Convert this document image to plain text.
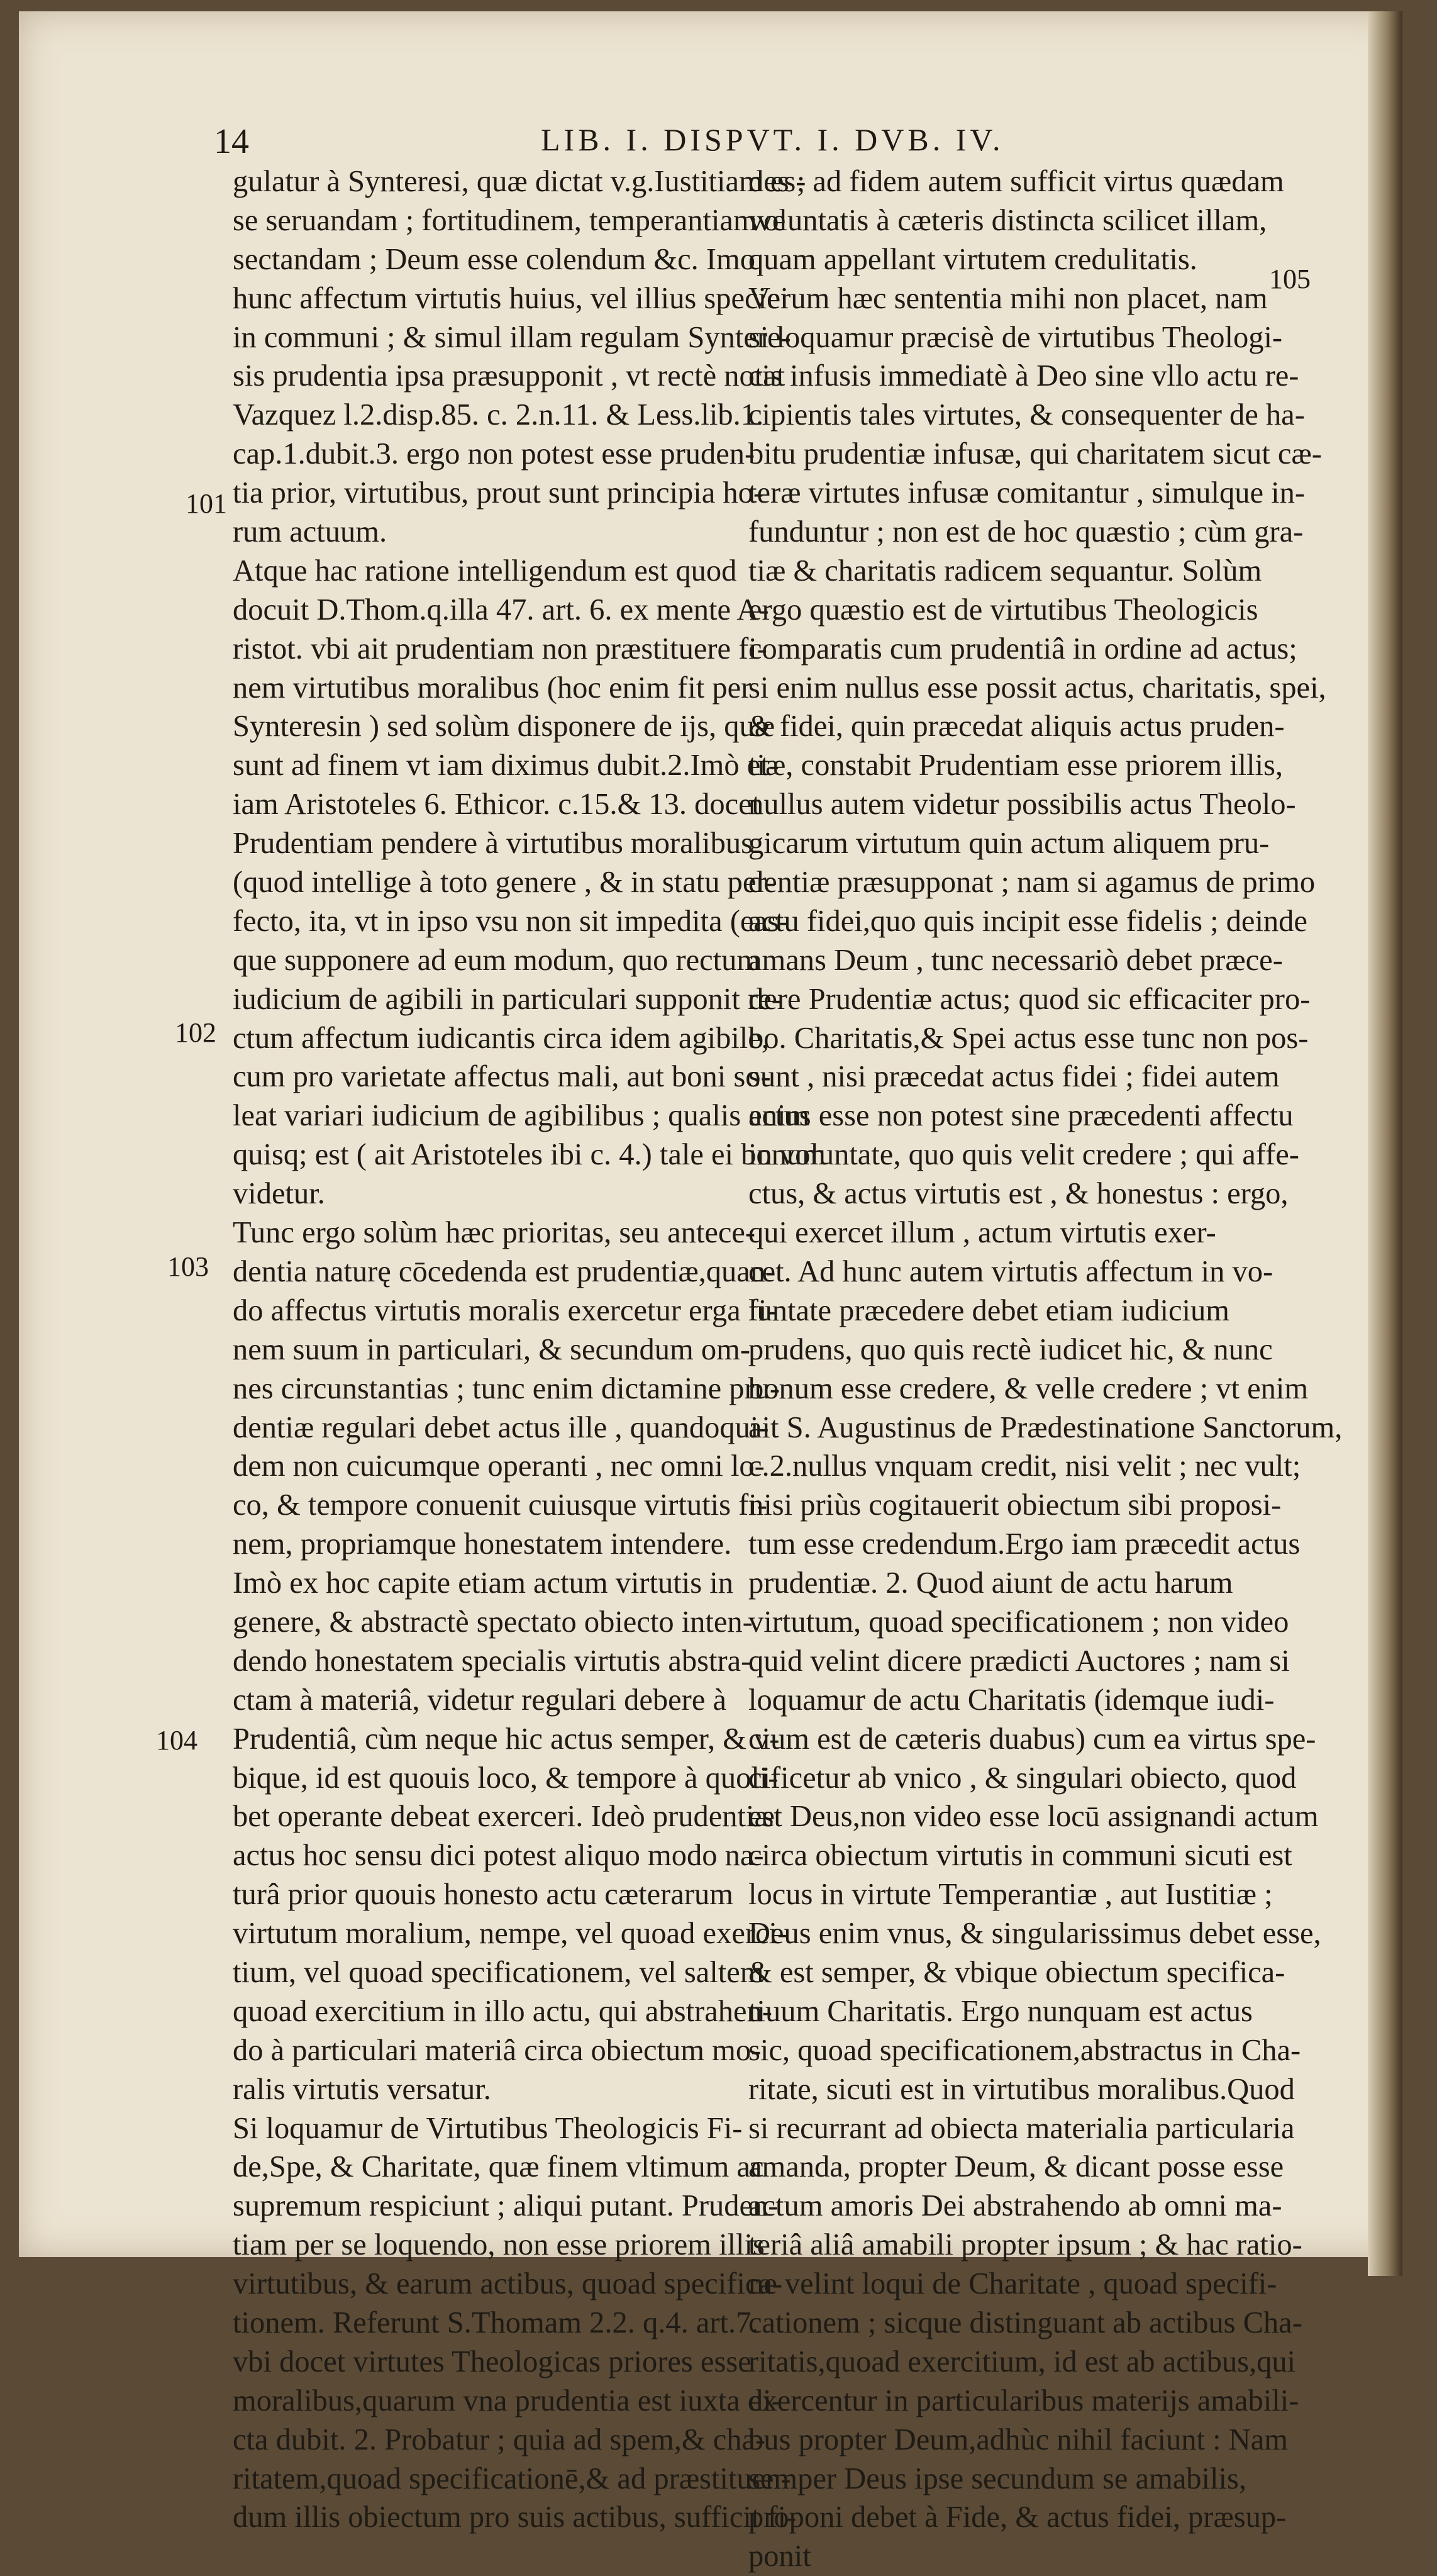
14	LIB. I. DISPVT. I. DVB. IV.
101
102
103
104
105
gulatur à Synteresi, quæ dictat v.g.Iustitiam es-
se seruandam ; fortitudinem, temperantiamve
sectandam ; Deum esse colendum &c. Imo
hunc affectum virtutis huius, vel illius speciei
in communi ; & simul illam regulam Syntere-
sis prudentia ipsa præsupponit , vt rectè notat
Vazquez l.2.disp.85. c. 2.n.11. & Less.lib.1.
cap.1.dubit.3. ergo non potest esse pruden-
tia prior, virtutibus, prout sunt principia ho-
rum actuum.
Atque hac ratione intelligendum est quod
docuit D.Thom.q.illa 47. art. 6. ex mente A-
ristot. vbi ait prudentiam non præstituere fi-
nem virtutibus moralibus (hoc enim fit per
Synteresin ) sed solùm disponere de ijs, quæ
sunt ad finem vt iam diximus dubit.2.Imò et-
iam Aristoteles 6. Ethicor. c.15.& 13. docet
Prudentiam pendere à virtutibus moralibus
(quod intellige à toto genere , & in statu per-
fecto, ita, vt in ipso vsu non sit impedita (eas-
que supponere ad eum modum, quo rectum
iudicium de agibili in particulari supponit re-
ctum affectum iudicantis circa idem agibile,
cum pro varietate affectus mali, aut boni so-
leat variari iudicium de agibilibus ; qualis enim
quisq; est ( ait Aristoteles ibi c. 4.) tale ei bonum
videtur.
Tunc ergo solùm hæc prioritas, seu antece-
dentia naturę cōcedenda est prudentiæ,quan-
do affectus virtutis moralis exercetur erga fi-
nem suum in particulari, & secundum om-
nes circunstantias ; tunc enim dictamine pru-
dentiæ regulari debet actus ille , quandoqui-
dem non cuicumque operanti , nec omni lo-
co, & tempore conuenit cuiusque virtutis fi-
nem, propriamque honestatem intendere.
Imò ex hoc capite etiam actum virtutis in
genere, & abstractè spectato obiecto inten-
dendo honestatem specialis virtutis abstra-
ctam à materiâ, videtur regulari debere à
Prudentiâ, cùm neque hic actus semper, & v-
bique, id est quouis loco, & tempore à quoli-
bet operante debeat exerceri. Ideò prudentiæ
actus hoc sensu dici potest aliquo modo na-
turâ prior quouis honesto actu cæterarum
virtutum moralium, nempe, vel quoad exerci-
tium, vel quoad specificationem, vel saltem
quoad exercitium in illo actu, qui abstrahen-
do à particulari materiâ circa obiectum mo-
ralis virtutis versatur.
Si loquamur de Virtutibus Theologicis Fi-
de,Spe, & Charitate, quæ finem vltimum ac
supremum respiciunt ; aliqui putant. Pruden-
tiam per se loquendo, non esse priorem illis
virtutibus, & earum actibus, quoad specifica-
tionem. Referunt S.Thomam 2.2. q.4. art.7.
vbi docet virtutes Theologicas priores esse
moralibus,quarum vna prudentia est iuxta di-
cta dubit. 2. Probatur ; quia ad spem,& cha-
ritatem,quoad specificationē,& ad præstituen-
dum illis obiectum pro suis actibus, sufficit fi-
des ; ad fidem autem sufficit virtus quædam
voluntatis à cæteris distincta scilicet illam,
quam appellant virtutem credulitatis.
Verum hæc sententia mihi non placet, nam
si loquamur præcisè de virtutibus Theologi-
cis infusis immediatè à Deo sine vllo actu re-
cipientis tales virtutes, & consequenter de ha-
bitu prudentiæ infusæ, qui charitatem sicut cæ-
teræ virtutes infusæ comitantur , simulque in-
funduntur ; non est de hoc quæstio ; cùm gra-
tiæ & charitatis radicem sequantur. Solùm
ergo quæstio est de virtutibus Theologicis
comparatis cum prudentiâ in ordine ad actus;
si enim nullus esse possit actus, charitatis, spei,
& fidei, quin præcedat aliquis actus pruden-
tiæ, constabit Prudentiam esse priorem illis,
nullus autem videtur possibilis actus Theolo-
gicarum virtutum quin actum aliquem pru-
dentiæ præsupponat ; nam si agamus de primo
actu fidei,quo quis incipit esse fidelis ; deinde
amans Deum , tunc necessariò debet præce-
dere Prudentiæ actus; quod sic efficaciter pro-
bo. Charitatis,& Spei actus esse tunc non pos-
sunt , nisi præcedat actus fidei ; fidei autem
actus esse non potest sine præcedenti affectu
in voluntate, quo quis velit credere ; qui affe-
ctus, & actus virtutis est , & honestus : ergo,
qui exercet illum , actum virtutis exer-
cet. Ad hunc autem virtutis affectum in vo-
luntate præcedere debet etiam iudicium
prudens, quo quis rectè iudicet hic, & nunc
bonum esse credere, & velle credere ; vt enim
ait S. Augustinus de Prædestinatione Sanctorum,
c.2.nullus vnquam credit, nisi velit ; nec vult;
nisi priùs cogitauerit obiectum sibi proposi-
tum esse credendum.Ergo iam præcedit actus
prudentiæ. 2. Quod aiunt de actu harum
virtutum, quoad specificationem ; non video
quid velint dicere prædicti Auctores ; nam si
loquamur de actu Charitatis (idemque iudi-
cium est de cæteris duabus) cum ea virtus spe-
cificetur ab vnico , & singulari obiecto, quod
est Deus,non video esse locū assignandi actum
circa obiectum virtutis in communi sicuti est
locus in virtute Temperantiæ , aut Iustitiæ ;
Deus enim vnus, & singularissimus debet esse,
& est semper, & vbique obiectum specifica-
tiuum Charitatis. Ergo nunquam est actus
sic, quoad specificationem,abstractus in Cha-
ritate, sicuti est in virtutibus moralibus.Quod
si recurrant ad obiecta materialia particularia
amanda, propter Deum, & dicant posse esse
actum amoris Dei abstrahendo ab omni ma-
teriâ aliâ amabili propter ipsum ; & hac ratio-
ne velint loqui de Charitate , quoad specifi-
cationem ; sicque distinguant ab actibus Cha-
ritatis,quoad exercitium, id est ab actibus,qui
exercentur in particularibus materijs amabili-
bus propter Deum,adhùc nihil faciunt : Nam
semper Deus ipse secundum se amabilis,
proponi debet à Fide, & actus fidei, præsup-
ponit
